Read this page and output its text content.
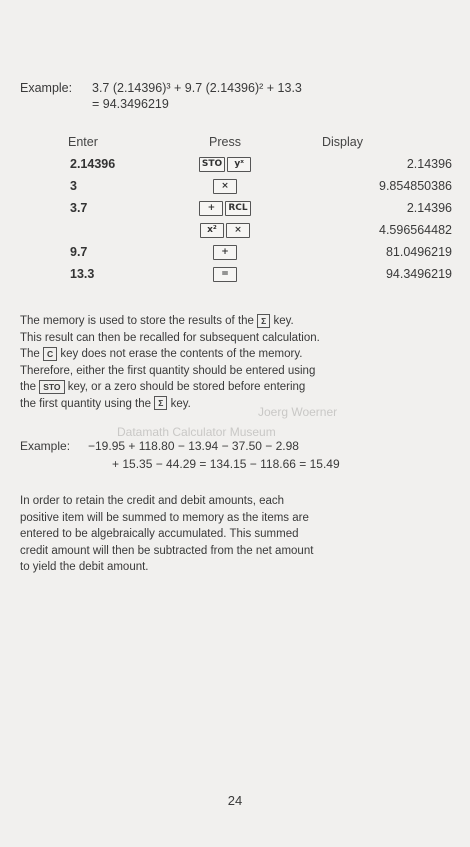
Example: 3.7 (2.14396)³ + 9.7 (2.14396)² + 13.3
= 94.3496219
Enter	Press	Display
2.14396	STO yˣ	2.14396
3	×	9.854850386
3.7	+ RCL	2.14396
	x² ×	4.596564482
9.7	+	81.0496219
13.3	=	94.3496219

The memory is used to store the results of the Σ key.

This result can then be recalled for subsequent calculation.

The C key does not erase the contents of the memory.

Therefore, either the first quantity should be entered using

the STO key, or a zero should be stored before entering

the first quantity using the Σ key.

Joerg Woerner
Datamath Calculator Museum
Example: −19.95 + 118.80 − 13.94 − 37.50 − 2.98
+ 15.35 − 44.29 = 134.15 − 118.66 = 15.49

In order to retain the credit and debit amounts, each

positive item will be summed to memory as the items are

entered to be algebraically accumulated. This summed

credit amount will then be subtracted from the net amount

to yield the debit amount.

24
